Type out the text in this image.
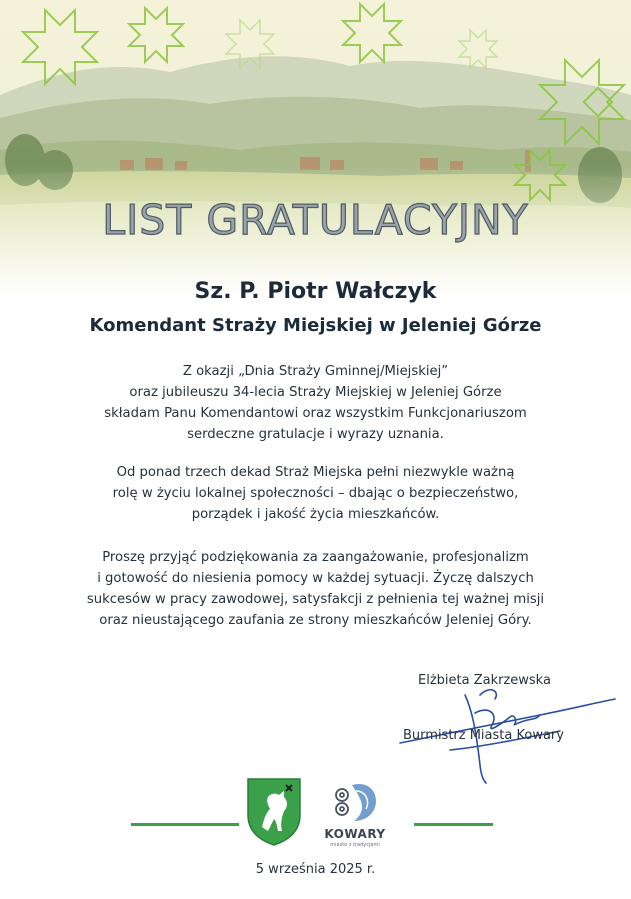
LIST GRATULACYJNY
Sz. P. Piotr Wałczyk
Komendant Straży Miejskiej w Jeleniej Górze
Z okazji „Dnia Straży Gminnej/Miejskiej”
oraz jubileuszu 34-lecia Straży Miejskiej w Jeleniej Górze
składam Panu Komendantowi oraz wszystkim Funkcjonariuszom
serdeczne gratulacje i wyrazy uznania.
Od ponad trzech dekad Straż Miejska pełni niezwykle ważną
rolę w życiu lokalnej społeczności – dbając o bezpieczeństwo,
porządek i jakość życia mieszkańców.
Proszę przyjąć podziękowania za zaangażowanie, profesjonalizm
i gotowość do niesienia pomocy w każdej sytuacji. Życzę dalszych
sukcesów w pracy zawodowej, satysfakcji z pełnienia tej ważnej misji
oraz nieustającego zaufania ze strony mieszkańców Jeleniej Góry.
Elżbieta Zakrzewska
Burmistrz Miasta Kowary
KOWARY
miasto z tradycjami
5 września 2025 r.
